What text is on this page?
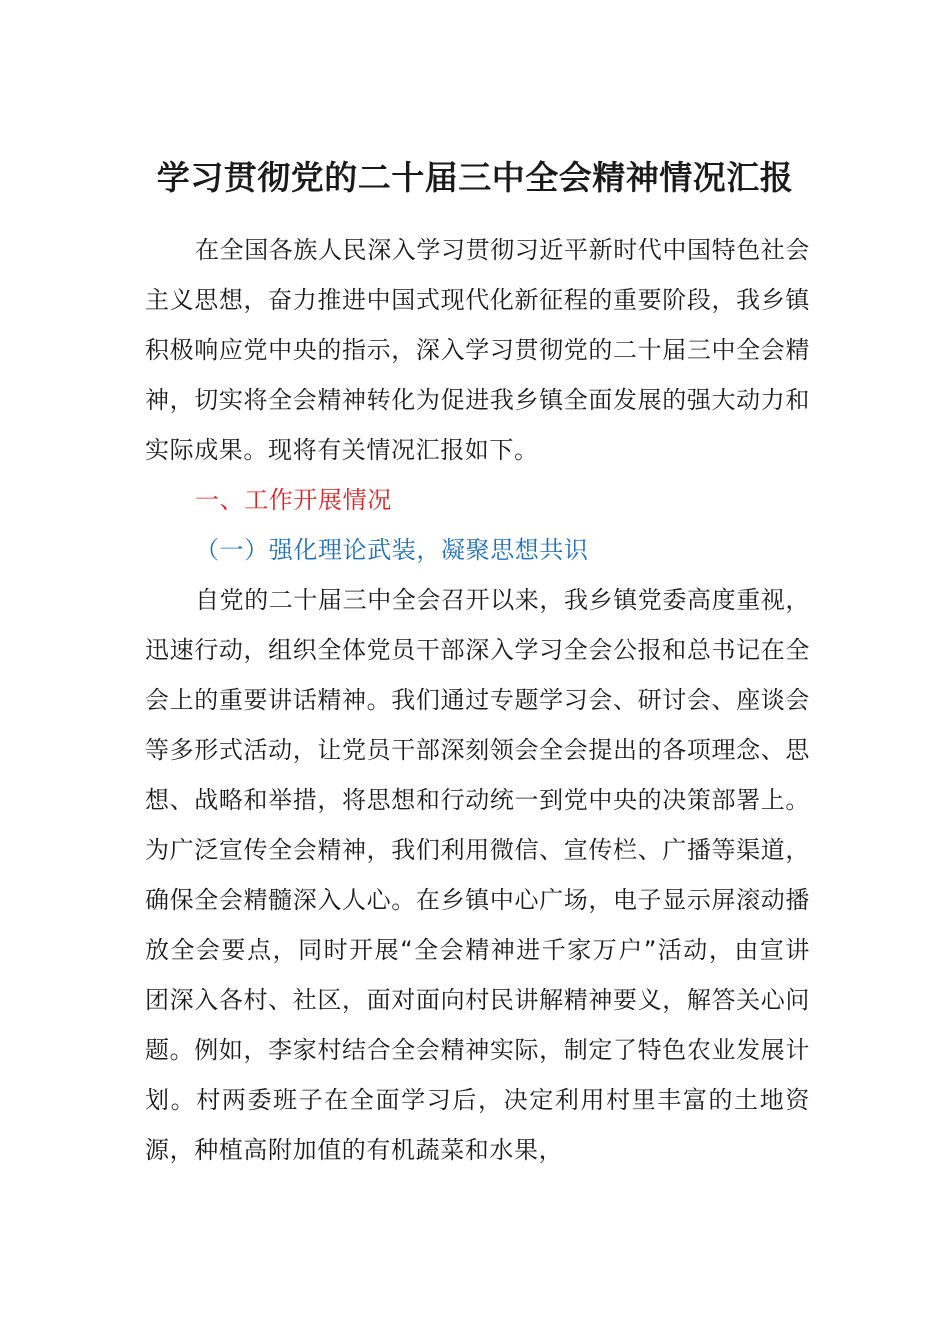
学习贯彻党的二十届三中全会精神情况汇报

在全国各族人民深入学习贯彻习近平新时代中国特色社会主义思想，奋力推进中国式现代化新征程的重要阶段，我乡镇积极响应党中央的指示，深入学习贯彻党的二十届三中全会精神，切实将全会精神转化为促进我乡镇全面发展的强大动力和实际成果。现将有关情况汇报如下。

一、工作开展情况

（一）强化理论武装，凝聚思想共识

自党的二十届三中全会召开以来，我乡镇党委高度重视，迅速行动，组织全体党员干部深入学习全会公报和总书记在全会上的重要讲话精神。我们通过专题学习会、研讨会、座谈会等多形式活动，让党员干部深刻领会全会提出的各项理念、思想、战略和举措，将思想和行动统一到党中央的决策部署上。为广泛宣传全会精神，我们利用微信、宣传栏、广播等渠道，确保全会精髓深入人心。在乡镇中心广场，电子显示屏滚动播放全会要点，同时开展“全会精神进千家万户”活动，由宣讲团深入各村、社区，面对面向村民讲解精神要义，解答关心问题。例如，李家村结合全会精神实际，制定了特色农业发展计划。村两委班子在全面学习后，决定利用村里丰富的土地资源，种植高附加值的有机蔬菜和水果，
